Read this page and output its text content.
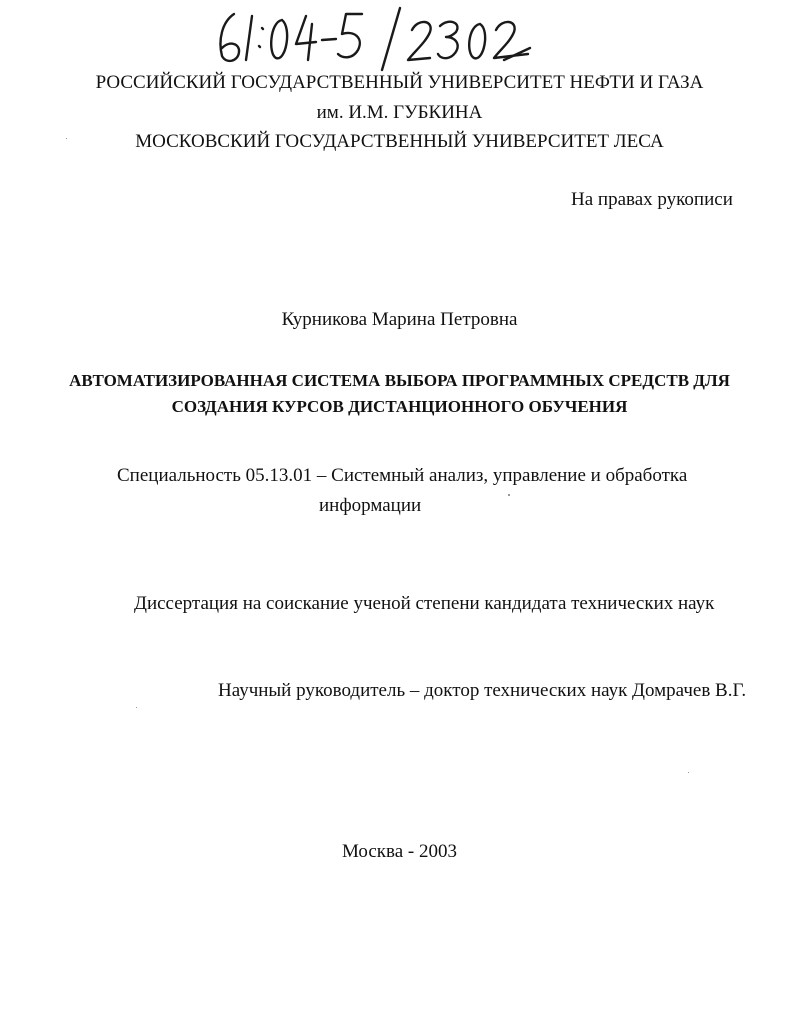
РОССИЙСКИЙ ГОСУДАРСТВЕННЫЙ УНИВЕРСИТЕТ НЕФТИ И ГАЗА
им. И.М. ГУБКИНА
МОСКОВСКИЙ ГОСУДАРСТВЕННЫЙ УНИВЕРСИТЕТ ЛЕСА
На правах рукописи
Курникова Марина Петровна
АВТОМАТИЗИРОВАННАЯ СИСТЕМА ВЫБОРА ПРОГРАММНЫХ СРЕДСТВ ДЛЯ
СОЗДАНИЯ КУРСОВ ДИСТАНЦИОННОГО ОБУЧЕНИЯ
Специальность 05.13.01 – Системный анализ, управление и обработка
информации
Диссертация на соискание ученой степени кандидата технических наук
Научный руководитель – доктор технических наук Домрачев В.Г.
Москва - 2003
